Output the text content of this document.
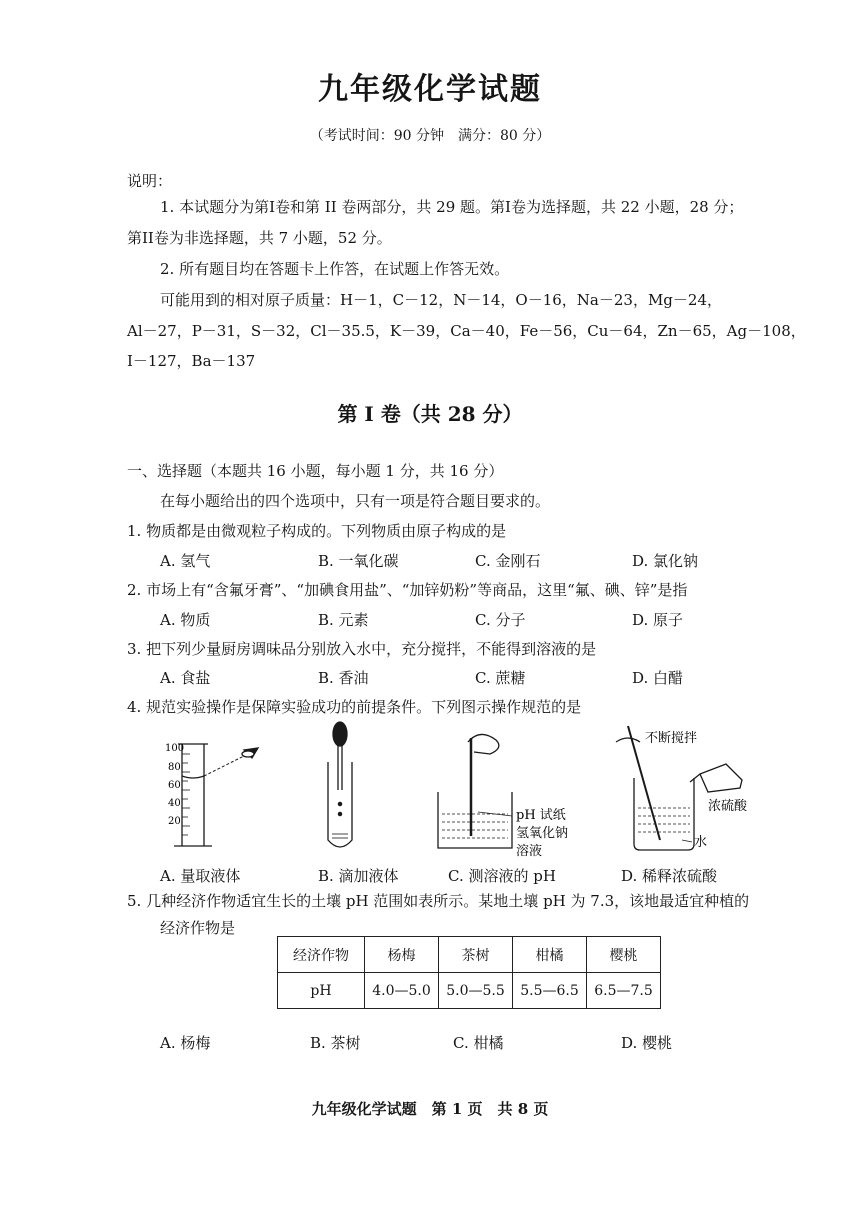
九年级化学试题
（考试时间：90 分钟　满分：80 分）
说明：
1. 本试题分为第Ⅰ卷和第 II 卷两部分，共 29 题。第Ⅰ卷为选择题，共 22 小题，28 分；
第II卷为非选择题，共 7 小题，52 分。
2. 所有题目均在答题卡上作答，在试题上作答无效。
可能用到的相对原子质量：H－1，C－12，N－14，O－16，Na－23，Mg－24，
Al－27，P－31，S－32，Cl－35.5，K－39，Ca－40，Fe－56，Cu－64，Zn－65，Ag－108，
I－127，Ba－137
第 I 卷（共 28 分）
一、选择题（本题共 16 小题，每小题 1 分，共 16 分）
在每小题给出的四个选项中，只有一项是符合题目要求的。
1. 物质都是由微观粒子构成的。下列物质由原子构成的是
A. 氢气	B. 一氧化碳	C. 金刚石	D. 氯化钠
2. 市场上有“含氟牙膏”、“加碘食用盐”、“加锌奶粉”等商品，这里“氟、碘、锌”是指
A. 物质	B. 元素	C. 分子	D. 原子
3. 把下列少量厨房调味品分别放入水中，充分搅拌，不能得到溶液的是
A. 食盐	B. 香油	C. 蔗糖	D. 白醋
4. 规范实验操作是保障实验成功的前提条件。下列图示操作规范的是
100
80
60
40
20	pH 试纸
氢氧化钠
溶液
不断搅拌
浓硫酸
水
A. 量取液体	B. 滴加液体	C. 测溶液的 pH	D. 稀释浓硫酸
5. 几种经济作物适宜生长的土壤 pH 范围如表所示。某地土壤 pH 为 7.3，该地最适宜种植的
经济作物是
经济作物	杨梅	茶树	柑橘	樱桃
pH	4.0—5.0	5.0—5.5	5.5—6.5	6.5—7.5
A. 杨梅	B. 茶树	C. 柑橘	D. 樱桃
九年级化学试题　第 1 页　共 8 页
